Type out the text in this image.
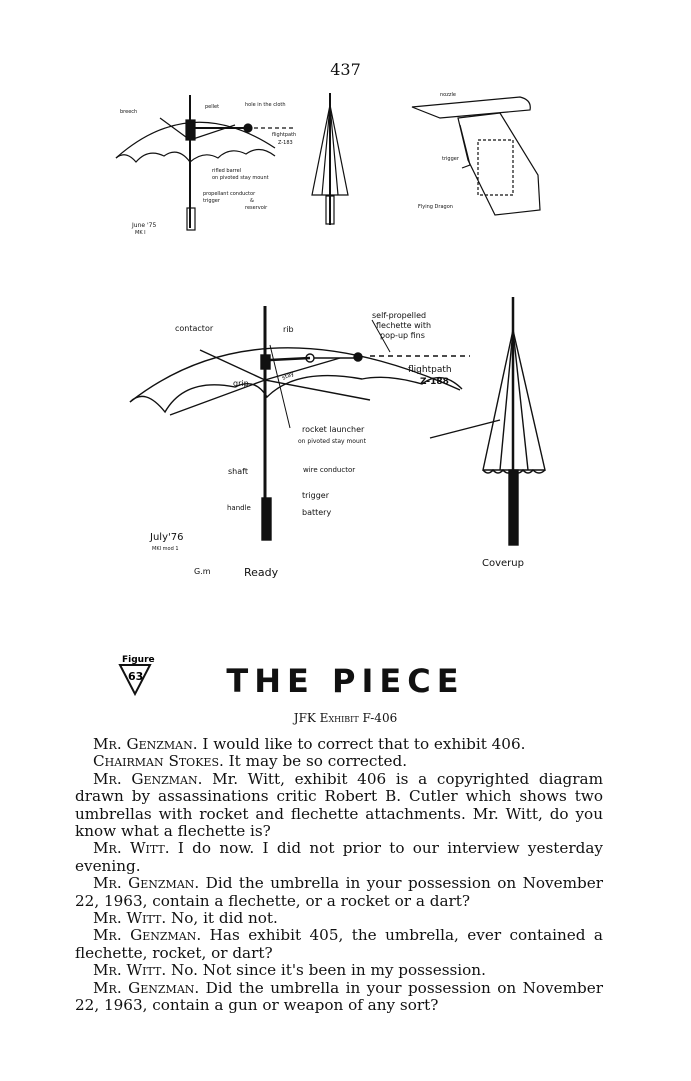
437
breech
pellet	hole in the cloth
flightpath
Z-183
rifled barrel
on pivoted stay mount
propellant conductor
trigger	&
reservoir
June '75
MK I
nozzle
trigger
Flying Dragon
contactor	rib
self-propelled
flechette with
pop-up fins
flightpath
Z-188
grip
stay
rocket launcher
on pivoted stay mount
shaft	wire conductor
handle
trigger
battery
July'76
MKI mod 1
G.m	Ready
Coverup
Figure
63	THE PIECE
JFK Exhibit F-406

Mr. Genzman. I would like to correct that to exhibit 406.

Chairman Stokes. It may be so corrected.

Mr. Genzman. Mr. Witt, exhibit 406 is a copyrighted diagram drawn by assassinations critic Robert B. Cutler which shows two umbrellas with rocket and flechette attachments. Mr. Witt, do you know what a flechette is?

Mr. Witt. I do now. I did not prior to our interview yesterday evening.

Mr. Genzman. Did the umbrella in your possession on November 22, 1963, contain a flechette, or a rocket or a dart?

Mr. Witt. No, it did not.

Mr. Genzman. Has exhibit 405, the umbrella, ever contained a flechette, rocket, or dart?

Mr. Witt. No. Not since it's been in my possession.

Mr. Genzman. Did the umbrella in your possession on November 22, 1963, contain a gun or weapon of any sort?
